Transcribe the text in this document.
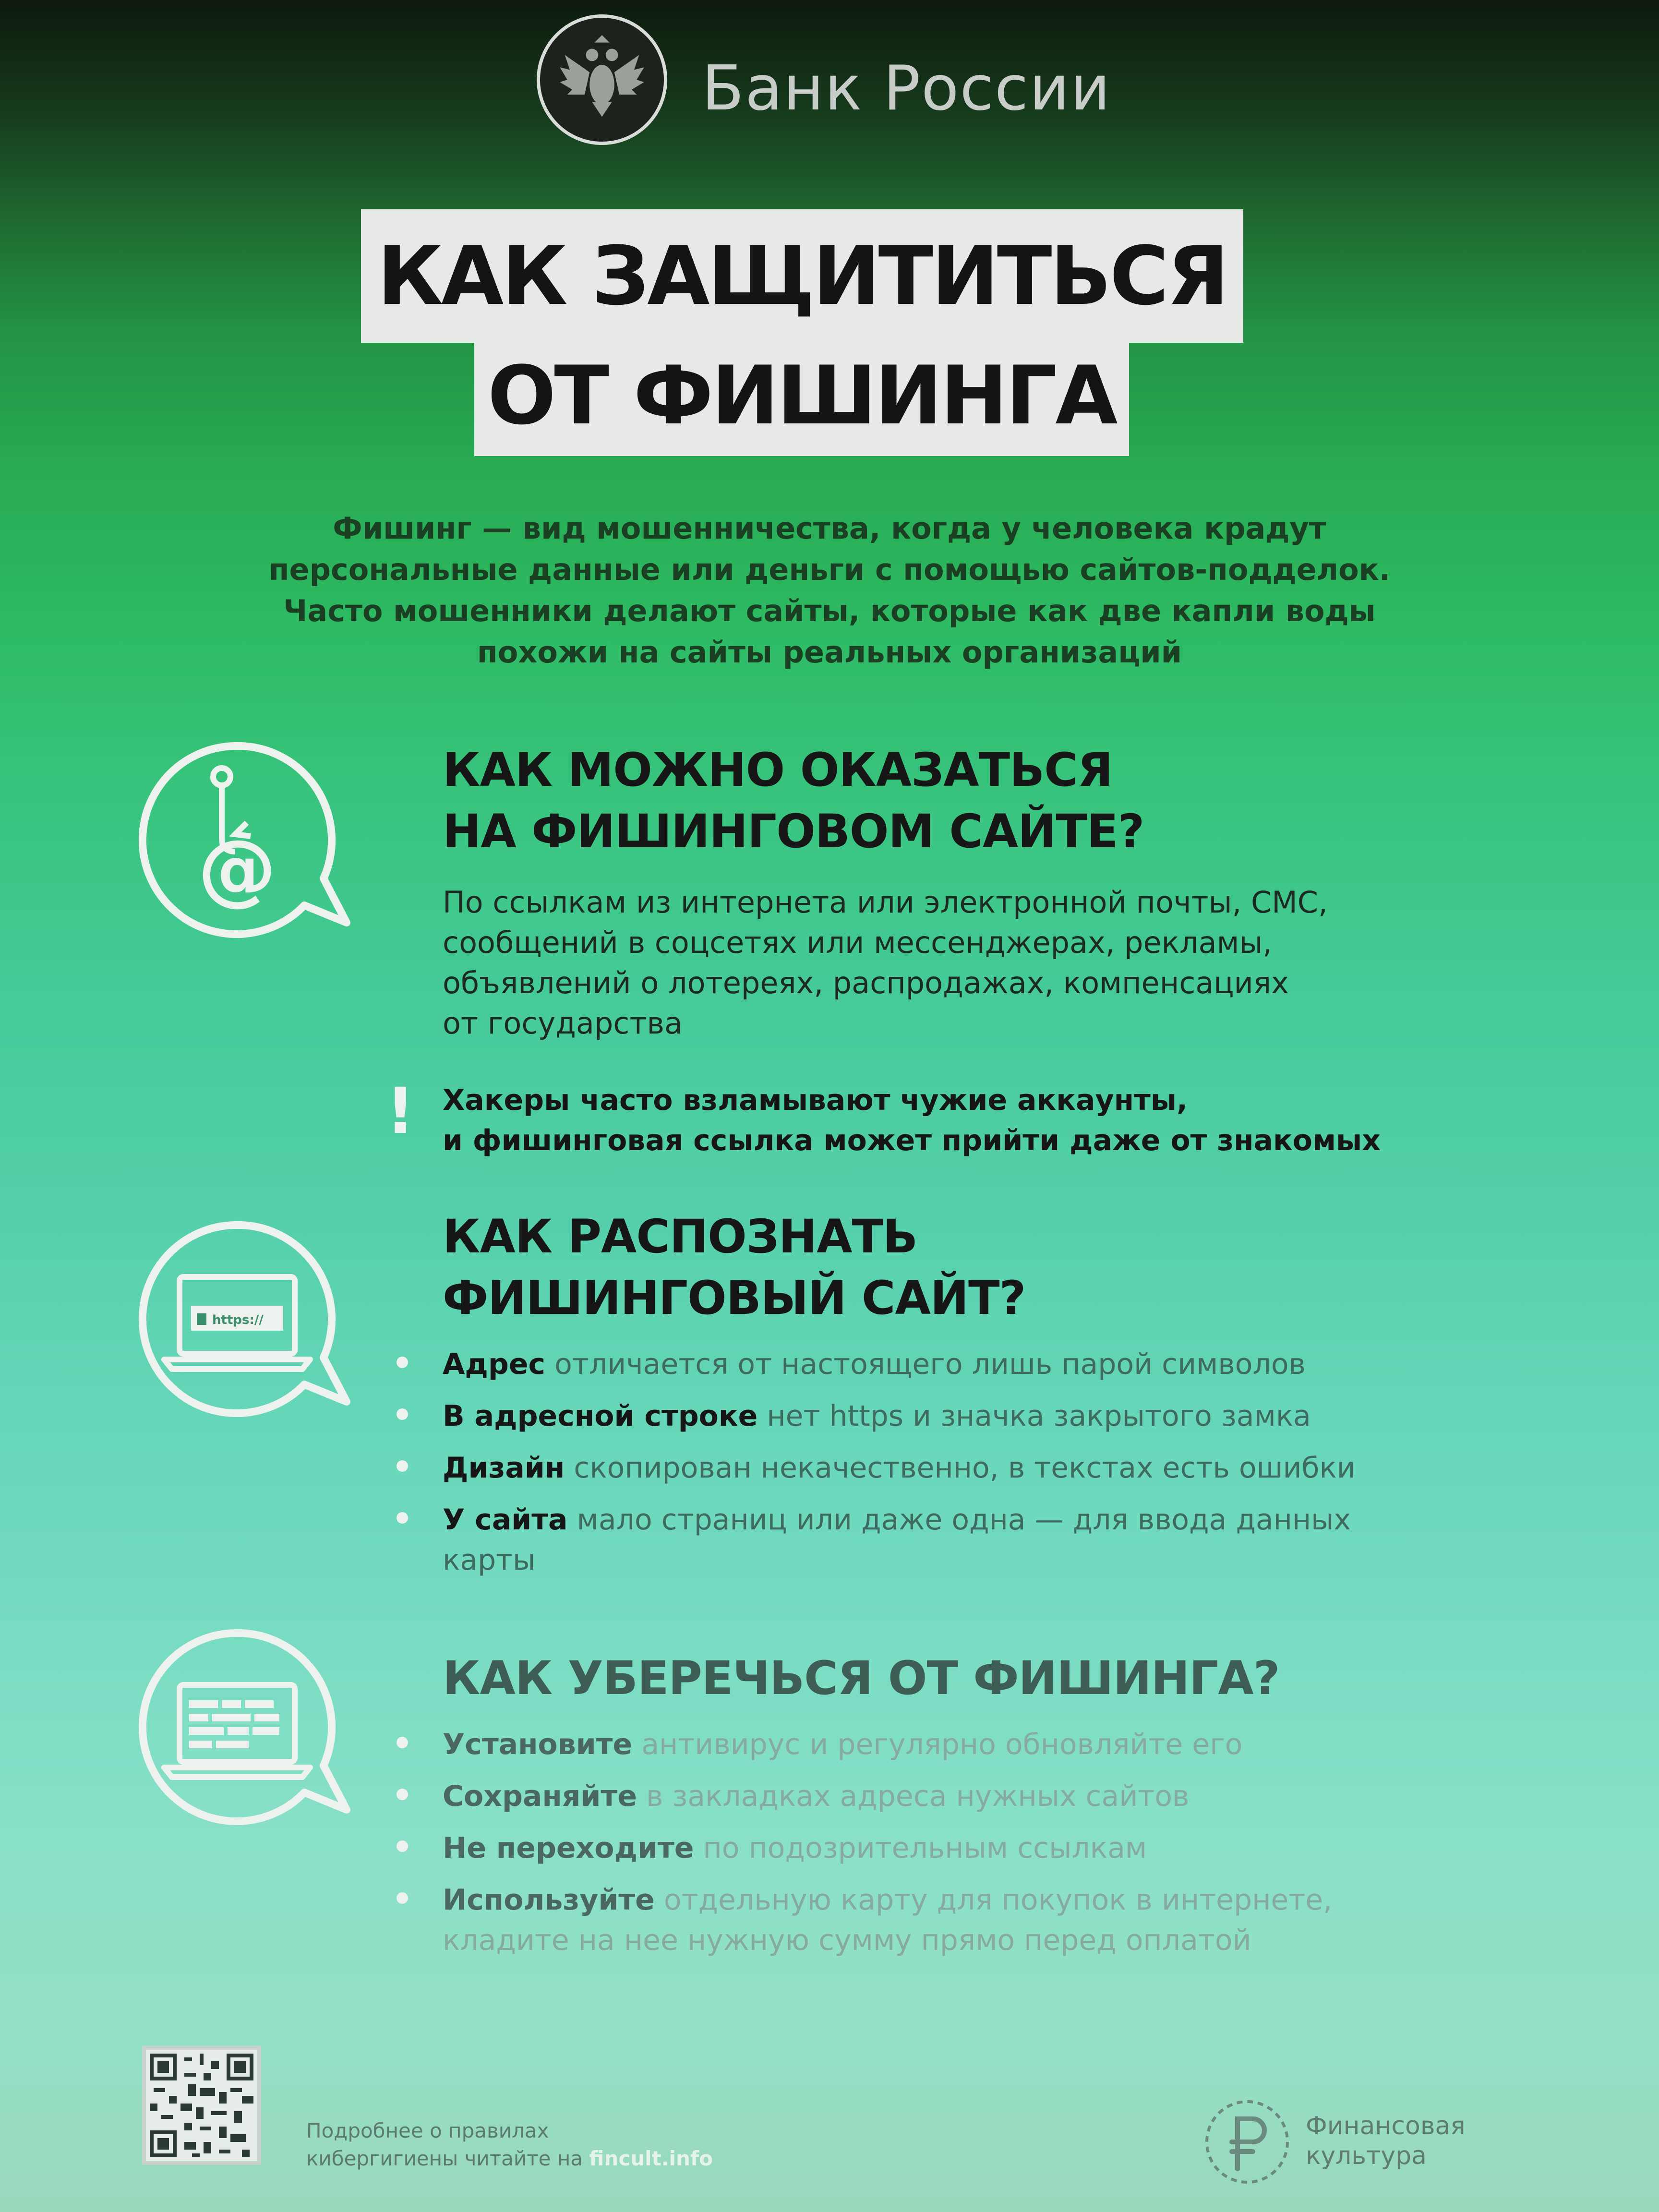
Банк России
КАК ЗАЩИТИТЬСЯ
ОТ ФИШИНГА
Фишинг — вид мошенничества, когда у человека крадут
персональные данные или деньги с помощью сайтов-подделок.
Часто мошенники делают сайты, которые как две капли воды
похожи на сайты реальных организаций
@
КАК МОЖНО ОКАЗАТЬСЯ
НА ФИШИНГОВОМ САЙТЕ?
По ссылкам из интернета или электронной почты, СМС,
сообщений в соцсетях или мессенджерах, рекламы,
объявлений о лотереях, распродажах, компенсациях
от государства
! Хакеры часто взламывают чужие аккаунты,
и фишинговая ссылка может прийти даже от знакомых
https://
КАК РАСПОЗНАТЬ
ФИШИНГОВЫЙ САЙТ?
Адрес отличается от настоящего лишь парой символов
В адресной строке нет https и значка закрытого замка
Дизайн скопирован некачественно, в текстах есть ошибки
У сайта мало страниц или даже одна — для ввода данных
карты
КАК УБЕРЕЧЬСЯ ОТ ФИШИНГА?
Установите антивирус и регулярно обновляйте его
Сохраняйте в закладках адреса нужных сайтов
Не переходите по подозрительным ссылкам
Используйте отдельную карту для покупок в интернете,
кладите на нее нужную сумму прямо перед оплатой
Подробнее о правилах
кибергигиены читайте на fincult.info
Финансовая
культура
